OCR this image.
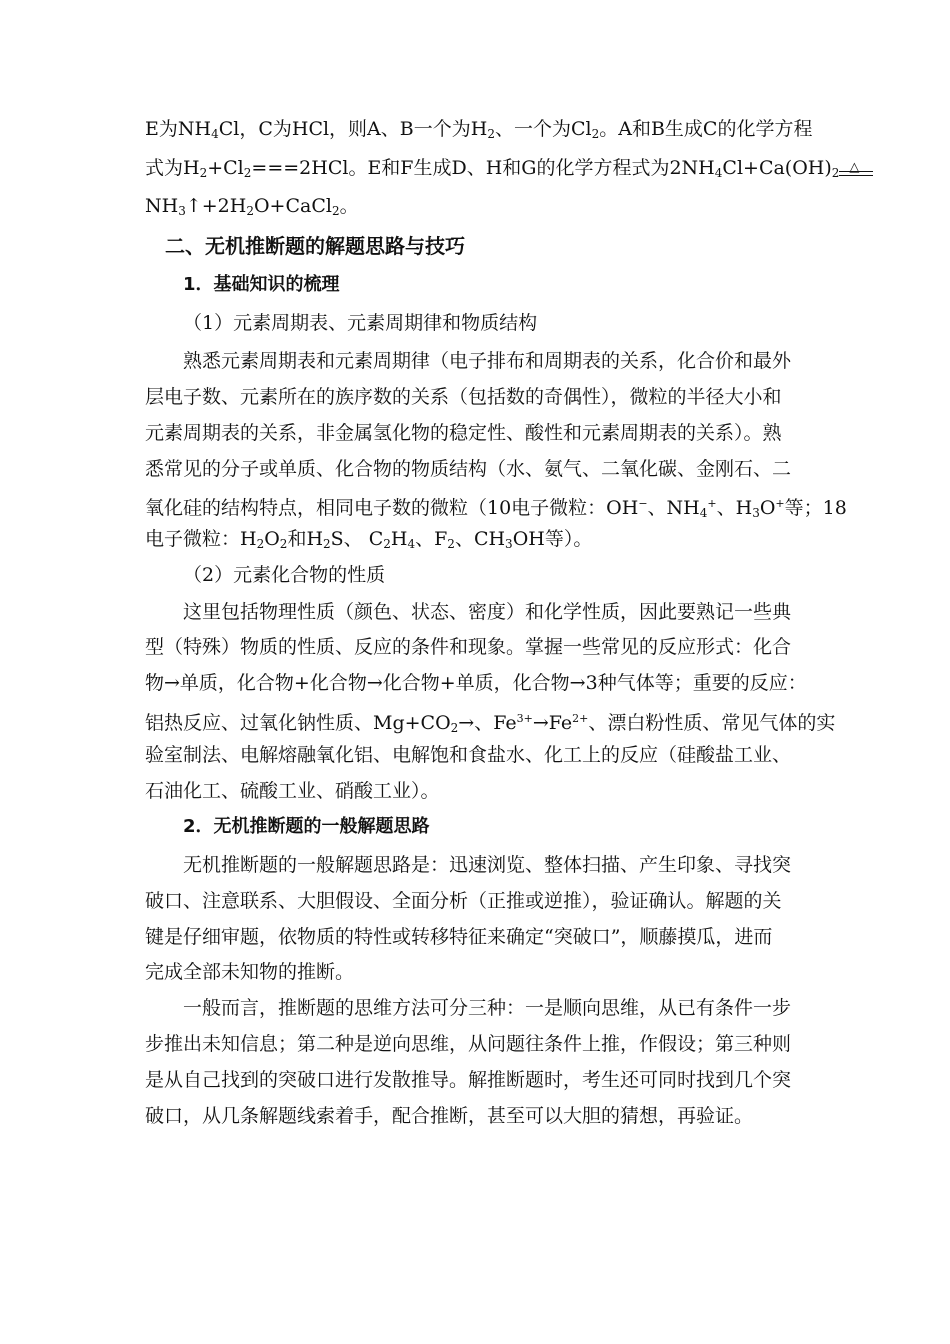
E为$NH_4Cl$，C为HCl，则A、B一个为$H_2$、一个为$Cl_2$。A和B生成C的化学方程
式为$H_2+Cl_2===2HCl$。E和F生成D、H和G的化学方程式为$2NH_4Cl+Ca(OH)_2$ △
$NH_3↑+2H_2O+CaCl_2$。
二、无机推断题的解题思路与技巧
1．基础知识的梳理
（1）元素周期表、元素周期律和物质结构
熟悉元素周期表和元素周期律（电子排布和周期表的关系，化合价和最外
层电子数、元素所在的族序数的关系（包括数的奇偶性），微粒的半径大小和
元素周期表的关系，非金属氢化物的稳定性、酸性和元素周期表的关系）。熟
悉常见的分子或单质、化合物的物质结构（水、氨气、二氧化碳、金刚石、二
氧化硅的结构特点，相同电子数的微粒（10电子微粒：OH−、$NH_4^+$、$H_3O^+$等；18
电子微粒：$H_2O_2$和$H_2S$、 $C_2H_4$、$F_2$、$CH_3OH$等）。
（2）元素化合物的性质
这里包括物理性质（颜色、状态、密度）和化学性质，因此要熟记一些典
型（特殊）物质的性质、反应的条件和现象。掌握一些常见的反应形式：化合
物→单质，化合物+化合物→化合物+单质，化合物→3种气体等；重要的反应：
铝热反应、过氧化钠性质、$Mg+CO_2\to$、$Fe^{3+}\to Fe^{2+}$、漂白粉性质、常见气体的实
验室制法、电解熔融氧化铝、电解饱和食盐水、化工上的反应（硅酸盐工业、
石油化工、硫酸工业、硝酸工业）。
2．无机推断题的一般解题思路
无机推断题的一般解题思路是：迅速浏览、整体扫描、产生印象、寻找突
破口、注意联系、大胆假设、全面分析（正推或逆推），验证确认。解题的关
键是仔细审题，依物质的特性或转移特征来确定“突破口”，顺藤摸瓜，进而
完成全部未知物的推断。
一般而言，推断题的思维方法可分三种：一是顺向思维，从已有条件一步
步推出未知信息；第二种是逆向思维，从问题往条件上推，作假设；第三种则
是从自己找到的突破口进行发散推导。解推断题时，考生还可同时找到几个突
破口，从几条解题线索着手，配合推断，甚至可以大胆的猜想，再验证。
